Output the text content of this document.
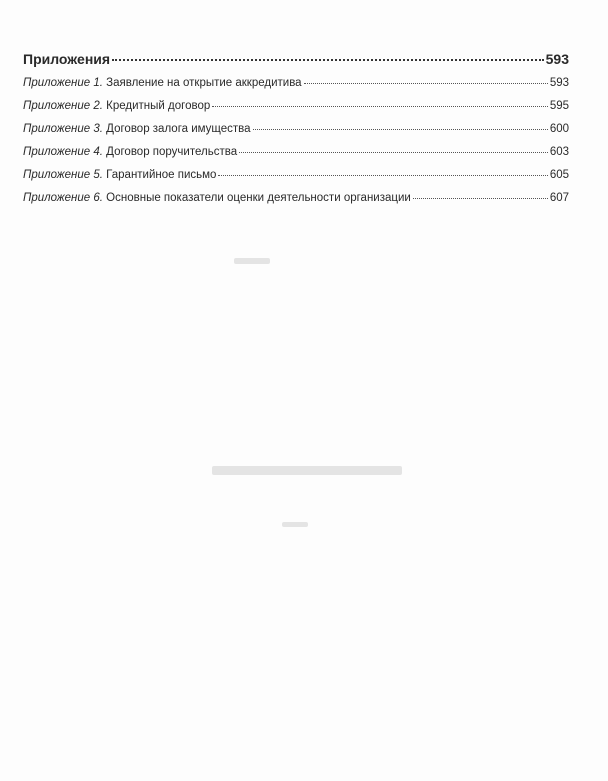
Приложения	593
Приложение 1. Заявление на открытие аккредитива	593
Приложение 2. Кредитный договор	595
Приложение 3. Договор залога имущества	600
Приложение 4. Договор поручительства	603
Приложение 5. Гарантийное письмо	605
Приложение 6. Основные показатели оценки деятельности организации	607
